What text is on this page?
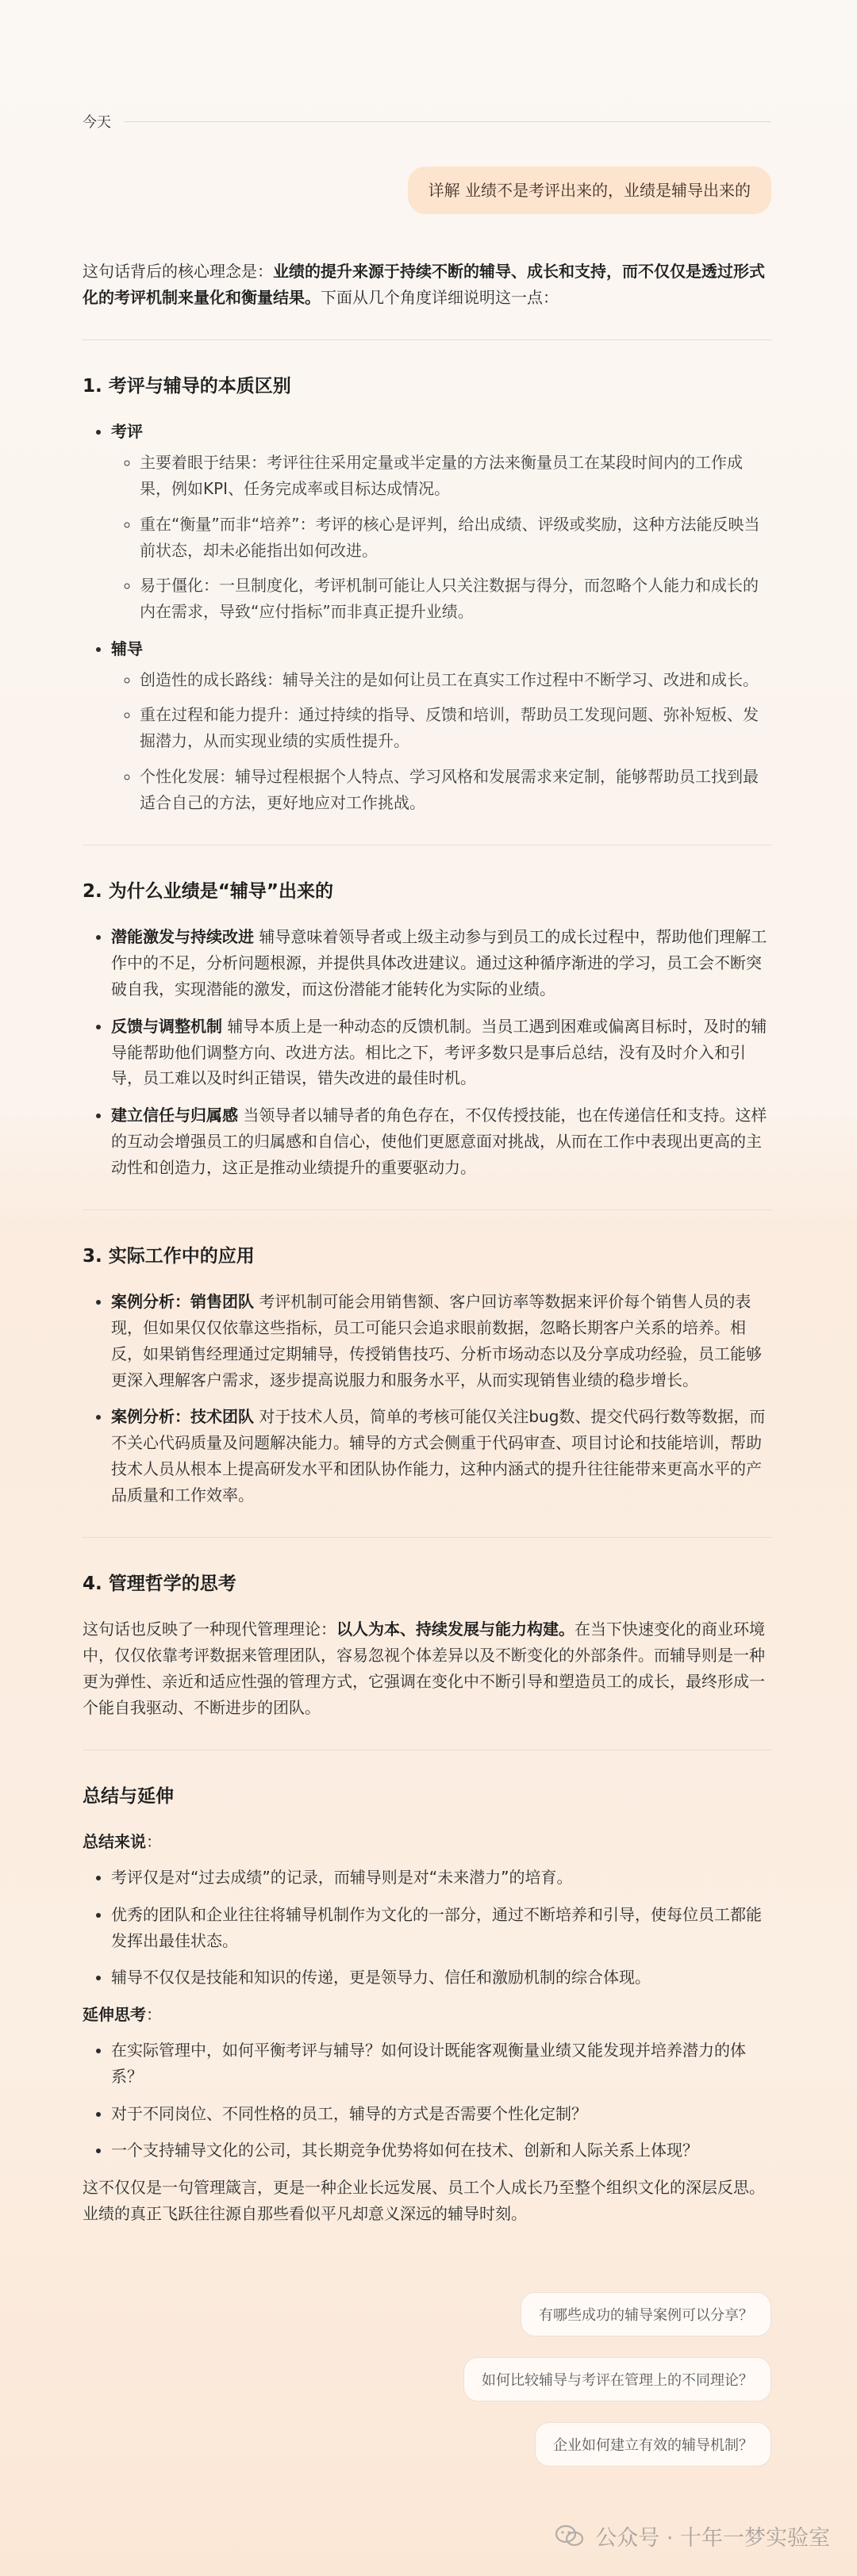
今天
详解 业绩不是考评出来的，业绩是辅导出来的

这句话背后的核心理念是：业绩的提升来源于持续不断的辅导、成长和支持，而不仅仅是透过形式化的考评机制来量化和衡量结果。下面从几个角度详细说明这一点：

1. 考评与辅导的本质区别
• 考评
◦ 主要着眼于结果：考评往往采用定量或半定量的方法来衡量员工在某段时间内的工作成果，例如KPI、任务完成率或目标达成情况。
◦ 重在“衡量”而非“培养”：考评的核心是评判，给出成绩、评级或奖励，这种方法能反映当前状态，却未必能指出如何改进。
◦ 易于僵化：一旦制度化，考评机制可能让人只关注数据与得分，而忽略个人能力和成长的内在需求，导致“应付指标”而非真正提升业绩。
• 辅导
◦ 创造性的成长路线：辅导关注的是如何让员工在真实工作过程中不断学习、改进和成长。
◦ 重在过程和能力提升：通过持续的指导、反馈和培训，帮助员工发现问题、弥补短板、发掘潜力，从而实现业绩的实质性提升。
◦ 个性化发展：辅导过程根据个人特点、学习风格和发展需求来定制，能够帮助员工找到最适合自己的方法，更好地应对工作挑战。
2. 为什么业绩是“辅导”出来的
• 潜能激发与持续改进 辅导意味着领导者或上级主动参与到员工的成长过程中，帮助他们理解工作中的不足，分析问题根源，并提供具体改进建议。通过这种循序渐进的学习，员工会不断突破自我，实现潜能的激发，而这份潜能才能转化为实际的业绩。
• 反馈与调整机制 辅导本质上是一种动态的反馈机制。当员工遇到困难或偏离目标时，及时的辅导能帮助他们调整方向、改进方法。相比之下，考评多数只是事后总结，没有及时介入和引导，员工难以及时纠正错误，错失改进的最佳时机。
• 建立信任与归属感 当领导者以辅导者的角色存在，不仅传授技能，也在传递信任和支持。这样的互动会增强员工的归属感和自信心，使他们更愿意面对挑战，从而在工作中表现出更高的主动性和创造力，这正是推动业绩提升的重要驱动力。
3. 实际工作中的应用
• 案例分析：销售团队 考评机制可能会用销售额、客户回访率等数据来评价每个销售人员的表现，但如果仅仅依靠这些指标，员工可能只会追求眼前数据，忽略长期客户关系的培养。相反，如果销售经理通过定期辅导，传授销售技巧、分析市场动态以及分享成功经验，员工能够更深入理解客户需求，逐步提高说服力和服务水平，从而实现销售业绩的稳步增长。
• 案例分析：技术团队 对于技术人员，简单的考核可能仅关注bug数、提交代码行数等数据，而不关心代码质量及问题解决能力。辅导的方式会侧重于代码审查、项目讨论和技能培训，帮助技术人员从根本上提高研发水平和团队协作能力，这种内涵式的提升往往能带来更高水平的产品质量和工作效率。
4. 管理哲学的思考

这句话也反映了一种现代管理理论：以人为本、持续发展与能力构建。在当下快速变化的商业环境中，仅仅依靠考评数据来管理团队，容易忽视个体差异以及不断变化的外部条件。而辅导则是一种更为弹性、亲近和适应性强的管理方式，它强调在变化中不断引导和塑造员工的成长，最终形成一个能自我驱动、不断进步的团队。

总结与延伸

总结来说：

• 考评仅是对“过去成绩”的记录，而辅导则是对“未来潜力”的培育。
• 优秀的团队和企业往往将辅导机制作为文化的一部分，通过不断培养和引导，使每位员工都能发挥出最佳状态。
• 辅导不仅仅是技能和知识的传递，更是领导力、信任和激励机制的综合体现。

延伸思考：

• 在实际管理中，如何平衡考评与辅导？如何设计既能客观衡量业绩又能发现并培养潜力的体系？
• 对于不同岗位、不同性格的员工，辅导的方式是否需要个性化定制？
• 一个支持辅导文化的公司，其长期竞争优势将如何在技术、创新和人际关系上体现？

这不仅仅是一句管理箴言，更是一种企业长远发展、员工个人成长乃至整个组织文化的深层反思。业绩的真正飞跃往往源自那些看似平凡却意义深远的辅导时刻。

有哪些成功的辅导案例可以分享？
如何比较辅导与考评在管理上的不同理论？
企业如何建立有效的辅导机制？
公众号 · 十年一梦实验室
